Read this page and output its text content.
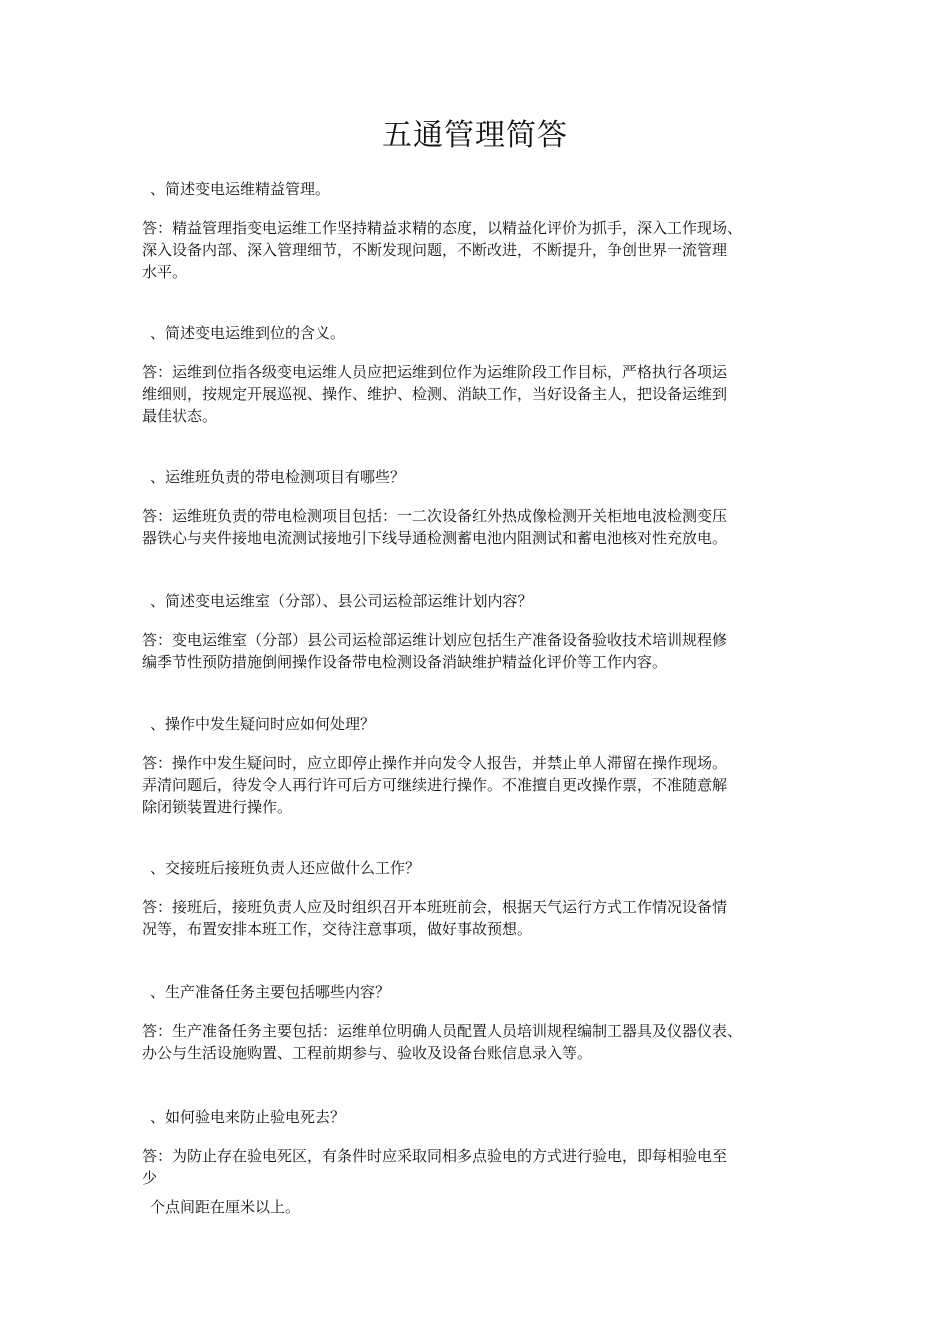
五通管理简答

、简述变电运维精益管理。

答：精益管理指变电运维工作坚持精益求精的态度，以精益化评价为抓手，深入工作现场、
深入设备内部、深入管理细节，不断发现问题，不断改进，不断提升，争创世界一流管理
水平。

、简述变电运维到位的含义。

答：运维到位指各级变电运维人员应把运维到位作为运维阶段工作目标，严格执行各项运
维细则，按规定开展巡视、操作、维护、检测、消缺工作，当好设备主人，把设备运维到
最佳状态。

、运维班负责的带电检测项目有哪些？

答：运维班负责的带电检测项目包括：一二次设备红外热成像检测开关柜地电波检测变压
器铁心与夹件接地电流测试接地引下线导通检测蓄电池内阻测试和蓄电池核对性充放电。

、简述变电运维室（分部）、县公司运检部运维计划内容？

答：变电运维室（分部）县公司运检部运维计划应包括生产准备设备验收技术培训规程修
编季节性预防措施倒闸操作设备带电检测设备消缺维护精益化评价等工作内容。

、操作中发生疑问时应如何处理？

答：操作中发生疑问时，应立即停止操作并向发令人报告，并禁止单人滞留在操作现场。
弄清问题后，待发令人再行许可后方可继续进行操作。不准擅自更改操作票，不准随意解
除闭锁装置进行操作。

、交接班后接班负责人还应做什么工作？

答：接班后，接班负责人应及时组织召开本班班前会，根据天气运行方式工作情况设备情
况等，布置安排本班工作，交待注意事项，做好事故预想。

、生产准备任务主要包括哪些内容？

答：生产准备任务主要包括：运维单位明确人员配置人员培训规程编制工器具及仪器仪表、
办公与生活设施购置、工程前期参与、验收及设备台账信息录入等。

、如何验电来防止验电死去？

答：为防止存在验电死区，有条件时应采取同相多点验电的方式进行验电，即每相验电至
少

个点间距在厘米以上。
